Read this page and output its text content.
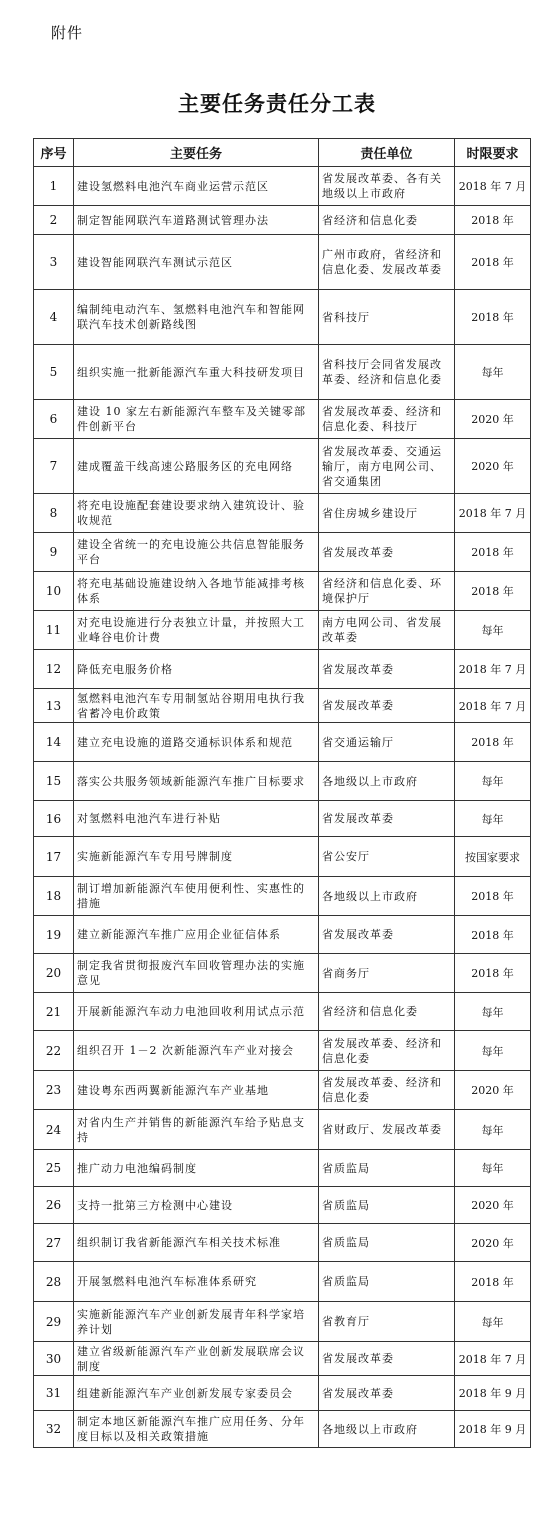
附件
主要任务责任分工表
序号	主要任务	责任单位	时限要求
1	建设氢燃料电池汽车商业运营示范区	省发展改革委、各有关地级以上市政府	2018 年 7 月
2	制定智能网联汽车道路测试管理办法	省经济和信息化委	2018 年
3	建设智能网联汽车测试示范区	广州市政府，省经济和信息化委、发展改革委	2018 年
4	编制纯电动汽车、氢燃料电池汽车和智能网联汽车技术创新路线图	省科技厅	2018 年
5	组织实施一批新能源汽车重大科技研发项目	省科技厅会同省发展改革委、经济和信息化委	每年
6	建设 10 家左右新能源汽车整车及关键零部件创新平台	省发展改革委、经济和信息化委、科技厅	2020 年
7	建成覆盖干线高速公路服务区的充电网络	省发展改革委、交通运输厅，南方电网公司、省交通集团	2020 年
8	将充电设施配套建设要求纳入建筑设计、验收规范	省住房城乡建设厅	2018 年 7 月
9	建设全省统一的充电设施公共信息智能服务平台	省发展改革委	2018 年
10	将充电基础设施建设纳入各地节能减排考核体系	省经济和信息化委、环境保护厅	2018 年
11	对充电设施进行分表独立计量，并按照大工业峰谷电价计费	南方电网公司、省发展改革委	每年
12	降低充电服务价格	省发展改革委	2018 年 7 月
13	氢燃料电池汽车专用制氢站谷期用电执行我省蓄冷电价政策	省发展改革委	2018 年 7 月
14	建立充电设施的道路交通标识体系和规范	省交通运输厅	2018 年
15	落实公共服务领域新能源汽车推广目标要求	各地级以上市政府	每年
16	对氢燃料电池汽车进行补贴	省发展改革委	每年
17	实施新能源汽车专用号牌制度	省公安厅	按国家要求
18	制订增加新能源汽车使用便利性、实惠性的措施	各地级以上市政府	2018 年
19	建立新能源汽车推广应用企业征信体系	省发展改革委	2018 年
20	制定我省贯彻报废汽车回收管理办法的实施意见	省商务厅	2018 年
21	开展新能源汽车动力电池回收利用试点示范	省经济和信息化委	每年
22	组织召开 1－2 次新能源汽车产业对接会	省发展改革委、经济和信息化委	每年
23	建设粤东西两翼新能源汽车产业基地	省发展改革委、经济和信息化委	2020 年
24	对省内生产并销售的新能源汽车给予贴息支持	省财政厅、发展改革委	每年
25	推广动力电池编码制度	省质监局	每年
26	支持一批第三方检测中心建设	省质监局	2020 年
27	组织制订我省新能源汽车相关技术标准	省质监局	2020 年
28	开展氢燃料电池汽车标准体系研究	省质监局	2018 年
29	实施新能源汽车产业创新发展青年科学家培养计划	省教育厅	每年
30	建立省级新能源汽车产业创新发展联席会议制度	省发展改革委	2018 年 7 月
31	组建新能源汽车产业创新发展专家委员会	省发展改革委	2018 年 9 月
32	制定本地区新能源汽车推广应用任务、分年度目标以及相关政策措施	各地级以上市政府	2018 年 9 月
